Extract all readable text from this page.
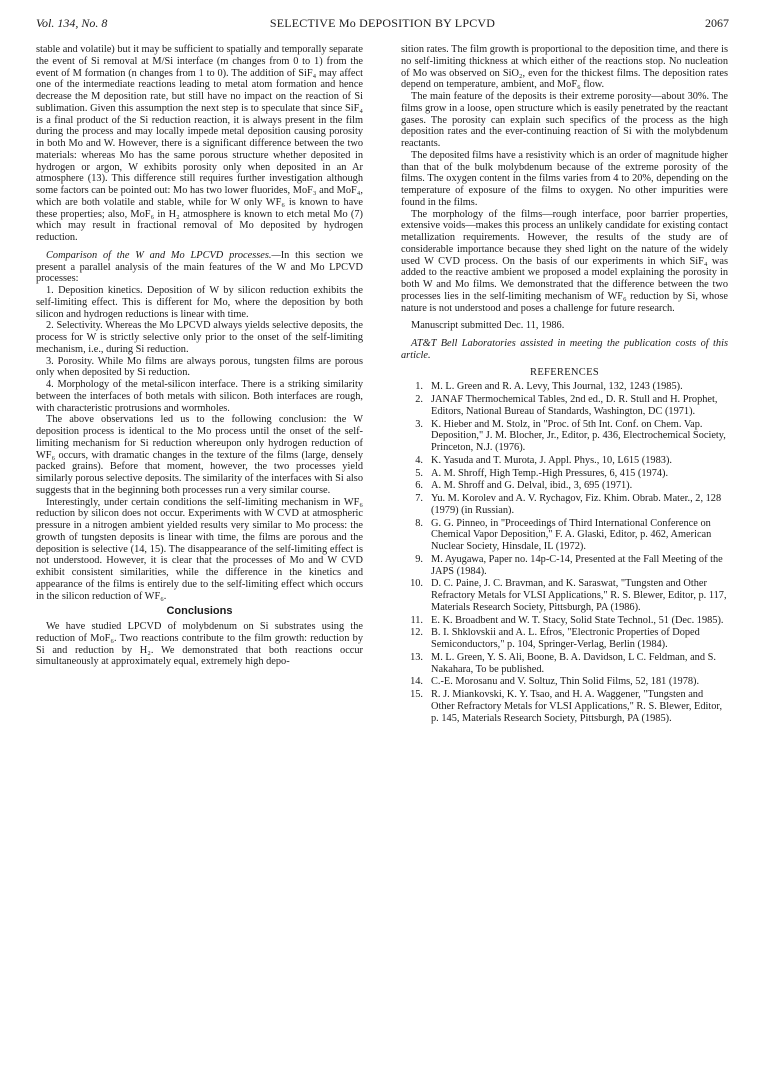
Vol. 134, No. 8	SELECTIVE Mo DEPOSITION BY LPCVD	2067

stable and volatile) but it may be sufficient to spatially and temporally separate the event of Si removal at M/Si interface (m changes from 0 to 1) from the event of M formation (n changes from 1 to 0). The addition of SiF₄ may affect one of the intermediate reactions leading to metal atom formation and hence decrease the M deposition rate, but still have no impact on the reaction of Si sublimation. Given this assumption the next step is to speculate that since SiF₄ is a final product of the Si reduction reaction, it is always present in the film during the process and may locally impede metal deposition causing porosity in both Mo and W. However, there is a significant difference between the two materials: whereas Mo has the same porous structure whether deposited in hydrogen or argon, W exhibits porosity only when deposited in an Ar atmosphere (13). This difference still requires further investigation although some factors can be pointed out: Mo has two lower fluorides, MoF₃ and MoF₄, which are both volatile and stable, while for W only WF₆ is known to have these properties; also, MoF₆ in H₂ atmosphere is known to etch metal Mo (7) which may result in fractional removal of Mo deposited by hydrogen reduction.

Comparison of the W and Mo LPCVD processes.—In this section we present a parallel analysis of the main features of the W and Mo LPCVD processes:

1. Deposition kinetics. Deposition of W by silicon reduction exhibits the self-limiting effect. This is different for Mo, where the deposition by both silicon and hydrogen reductions is linear with time.

2. Selectivity. Whereas the Mo LPCVD always yields selective deposits, the process for W is strictly selective only prior to the onset of the self-limiting mechanism, i.e., during Si reduction.

3. Porosity. While Mo films are always porous, tungsten films are porous only when deposited by Si reduction.

4. Morphology of the metal-silicon interface. There is a striking similarity between the interfaces of both metals with silicon. Both interfaces are rough, with characteristic protrusions and wormholes.

The above observations led us to the following conclusion: the W deposition process is identical to the Mo process until the onset of the self-limiting mechanism for Si reduction whereupon only hydrogen reduction of WF₆ occurs, with dramatic changes in the texture of the films (large, densely packed grains). Before that moment, however, the two processes yield similarly porous selective deposits. The similarity of the interfaces with Si also suggests that in the beginning both processes run a very similar course.

Interestingly, under certain conditions the self-limiting mechanism in WF₆ reduction by silicon does not occur. Experiments with W CVD at atmospheric pressure in a nitrogen ambient yielded results very similar to Mo process: the growth of tungsten deposits is linear with time, the films are porous and the deposition is selective (14, 15). The disappearance of the self-limiting effect is not understood. However, it is clear that the processes of Mo and W CVD exhibit consistent similarities, while the difference in the kinetics and appearance of the films is entirely due to the self-limiting effect which occurs in the silicon reduction of WF₆.

Conclusions

We have studied LPCVD of molybdenum on Si substrates using the reduction of MoF₆. Two reactions contribute to the film growth: reduction by Si and reduction by H₂. We demonstrated that both reactions occur simultaneously at approximately equal, extremely high depo-

sition rates. The film growth is proportional to the deposition time, and there is no self-limiting thickness at which either of the reactions stop. No nucleation of Mo was observed on SiO₂, even for the thickest films. The deposition rates depend on temperature, ambient, and MoF₆ flow.

The main feature of the deposits is their extreme porosity—about 30%. The films grow in a loose, open structure which is easily penetrated by the reactant gases. The porosity can explain such specifics of the process as the high deposition rates and the ever-continuing reaction of Si with the molybdenum reactants.

The deposited films have a resistivity which is an order of magnitude higher than that of the bulk molybdenum because of the extreme porosity of the films. The oxygen content in the films varies from 4 to 20%, depending on the temperature of exposure of the films to oxygen. No other impurities were found in the films.

The morphology of the films—rough interface, poor barrier properties, extensive voids—makes this process an unlikely candidate for existing contact metallization requirements. However, the results of the study are of considerable importance because they shed light on the nature of the widely used W CVD process. On the basis of our experiments in which SiF₄ was added to the reactive ambient we proposed a model explaining the porosity in both W and Mo films. We demonstrated that the difference between the two processes lies in the self-limiting mechanism of WF₆ reduction by Si, whose nature is not understood and poses a challenge for future research.

Manuscript submitted Dec. 11, 1986.

AT&T Bell Laboratories assisted in meeting the publication costs of this article.

REFERENCES
1. M. L. Green and R. A. Levy, This Journal, 132, 1243 (1985).
2. JANAF Thermochemical Tables, 2nd ed., D. R. Stull and H. Prophet, Editors, National Bureau of Standards, Washington, DC (1971).
3. K. Hieber and M. Stolz, in "Proc. of 5th Int. Conf. on Chem. Vap. Deposition," J. M. Blocher, Jr., Editor, p. 436, Electrochemical Society, Princeton, N.J. (1976).
4. K. Yasuda and T. Murota, J. Appl. Phys., 10, L615 (1983).
5. A. M. Shroff, High Temp.-High Pressures, 6, 415 (1974).
6. A. M. Shroff and G. Delval, ibid., 3, 695 (1971).
7. Yu. M. Korolev and A. V. Rychagov, Fiz. Khim. Obrab. Mater., 2, 128 (1979) (in Russian).
8. G. G. Pinneo, in "Proceedings of Third International Conference on Chemical Vapor Deposition," F. A. Glaski, Editor, p. 462, American Nuclear Society, Hinsdale, IL (1972).
9. M. Ayugawa, Paper no. 14p-C-14, Presented at the Fall Meeting of the JAPS (1984).
10. D. C. Paine, J. C. Bravman, and K. Saraswat, "Tungsten and Other Refractory Metals for VLSI Applications," R. S. Blewer, Editor, p. 117, Materials Research Society, Pittsburgh, PA (1986).
11. E. K. Broadbent and W. T. Stacy, Solid State Technol., 51 (Dec. 1985).
12. B. I. Shklovskii and A. L. Efros, "Electronic Properties of Doped Semiconductors," p. 104, Springer-Verlag, Berlin (1984).
13. M. L. Green, Y. S. Ali, Boone, B. A. Davidson, L C. Feldman, and S. Nakahara, To be published.
14. C.-E. Morosanu and V. Soltuz, Thin Solid Films, 52, 181 (1978).
15. R. J. Miankovski, K. Y. Tsao, and H. A. Waggener, "Tungsten and Other Refractory Metals for VLSI Applications," R. S. Blewer, Editor, p. 145, Materials Research Society, Pittsburgh, PA (1985).
